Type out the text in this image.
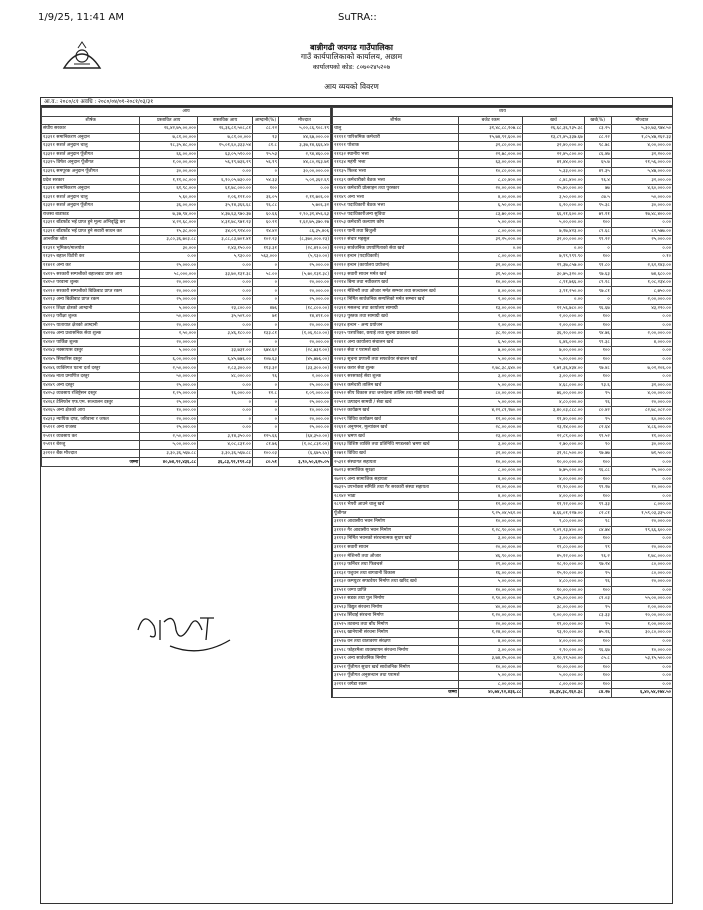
1/9/25, 11:41 AM	SuTRA::
बान्नीगढी जयगढ गाउँपालिका
गाउँ कार्यपालिकाको कार्यालय, अछाम
कार्यालयको कोड: ८०७०२४५२०७
आय व्ययको विवरण
आ.व.: २०८०/८१ अवधि : २०८०/०४/०१-२०८१/०३/३१
आय				
शीर्षक	प्रस्तावित आय	वास्तविक आय	आम्दानी(%)	मौज्दात
संघीय सरकार	२६,४२,७५,००,०००	२६,३६,८१,५०८,८१	८८.२२	५,००,८६,९०८.१९
१३३११ समानिकरण अनुदान	७,८१,००,०००	७,८१,००,०००	१३	४४,६७,०००.००
१३३११ सशर्त अनुदान चालु	१८,३५,४८,०००	१५,०१,६०,३३३.५४	८१.८	३,३७,१४,६६६.४०
१३३१२ सशर्त अनुदान पूँजीगत	६६,००,०००	६३,०५,५१०.००	९५.५३	२,९४,४६०.००
१३३१५ विषेश अनुदान पूँजीगत	१,००,००,०००	५६,१९,७३६.२९	५६.१९	४४,८०,२६३.७१
१३३१६ समपूरक अनुदान पूँजीगत	३०,००,०००	०.००	०	३०,००,०००.००
प्रदेश सरकार	१,११,०८,०००	६,१०,०५,७३०.००	५४.३३	५,०२,३६२.६९
१३३११ समानिकरण अनुदान	६१,९८,०००	६१,७८,०००.००	१००	०.००
१३३११ सशर्त अनुदान चालु	५,६०,०००	२,०६,१२१.००	३६.०५	२,११,७०६.००
१३३१२ सशर्त अनुदान पूँजीगत	३६,००,०००	३५,१४,३६६.६८	९६.८८	५,७०६.३२
राजस्व बाडफाड	७,३७,९४,०००	४,३७,६३,९७०.३७	६०.६६	२,९०,३१,४५६.६३
१३३११ बाँडफाँड भई प्राप्त हुने मूल्य अभिवृद्धि कर	४,२२,६८,०००	४,३१,७८,९७१.२३	६०.२१	१,६२,७५,३७०.२७
१३३११ बाँडफाँड भई प्राप्त हुने सवारी साधन कर	१५,३८,०००	३४,०९,९२४.००	१४.४२	८६,३५,४०६
आन्तरिक श्रोत	३,८०,३६,७०३.८८	३,८८,८३,७०१.४१	१०२.२३	(८,३७०,०००.२३)
११३११ भूमिकर/मालपोत	३०,०००	२,४३,१५०.००	११३.३१	(२८,४१०.००)
११३१५ बहाल विटौरी कर	०.००	५,९३०.००	५६३,०००	(५,९३०.००)
११४२१ अन्य कर	२५,०००.००	०.००	०	२५,०००.००
१४११५ सरकारी सम्पत्तीको बहालबाट प्राप्त आय	५८,०००,०००	३३,७०,१३१.३८	५८.००	(५,७०,१३१.३८)
१४१५२ परवाना शुल्क	२०,०००.००	०.००	०	२०,०००.००
१४२१२ सरकारी सम्पत्तीको बिक्रिबाट प्राप्त रकम	२०,०००.००	०.००	०	२०,०००.००
१४२१३ अन्य बिक्रीबाट प्राप्त रकम	२५,०००.००	०.००	०	२५,०००.००
१४२२१ शिक्षा क्षेत्रको आम्दानी	५,०००.००	२३,८००.००	४७६	(१८,८००.००)
१४२२३ परीक्षा शुल्क	५०,०००.००	३५,५०९.००	७१	१४,४९१.००
१४२२५ यातायात क्षेत्रको आम्दानी	२०,०००.००	०.००	०	२०,०००.००
१४२२७ अन्य प्रशासनिक सेवा शुल्क	२,५०,०००	३,४६,१८०.००	१३३.८१	(१,०६,१८०.००)
१४२४२ पार्किङ शुल्क	२०,०००.००	०	०	२०,०००.००
१४२४३ नक्सापास दस्तुर	५,०००.००	३३,७३१.००	६७४.६२	(२८,७३१.००)
१४२४५ सिफारिस दस्तुर	६,००,०००.००	६,४५,७७६.००	१०७.६३	(४५,७७६.००)
१४२४६ व्यक्तिगत घटना दर्ता दस्तुर	२,५०,०००.००	२,८३,३००.००	११३.३२	(३३,३००.००)
१४२४७ नाता प्रमाणित दस्तुर	५०,०००.००	४८,०००.००	९६	२,०००.००
१४२४९ अन्य दस्तुर	२५,०००.००	०.००	०	२५,०००.००
१४२५३ व्यवसाय रजिष्ट्रेसन दस्तुर	१,२५,०००.००	१६,०००.००	१२.८	१,०९,०००.००
१४२६१ टेलिफोन एफ.एम. सञ्चालन दस्तुर	२५,०००.००	०	०	२५,०००.००
१४२६५ अन्य क्षेत्रको आय	१०,०००.००	०.००	०	१०,०००.००
१४३१३ न्यायिक दण्ड, जरिवाना र जफत	२०,०००.००	०	०	२०,०००.००
१५१२१ अन्य राजस्व	२५,०००.००	०.००	०	२५,०००.००
१५१११ व्यवसाय कर	२,५०,०००.००	३,१४,३५०.००	१२५.६६	(६४,३५०.००)
१५१११ बेरुजु	५,००,०००.००	४,०८,८३१.००	८१.७६	(१,०८,८३१.००)
३२१२२ बैंक मौज्दात	३,३०,३६,५६७.८८	३,३०,३६,५६७.८८	१००.०३	(६,६७५.६५)
जम्मा	४०,७४,९२,४३६.८८	३६,८३,९२,१९२.८३	८०.५१	३,९०,५०,६२५.०५
व्यय				
शीर्षक	बजेट रकम	खर्च	खर्च(%)	मौज्दात
चालु	३१,४८,८८,१०७.८८	२६,६८,३६,९३५.३८	८३.२५	५,३०,७३,९७४.५०
२११११ पारिश्रमिक कर्मचारी	१५,७४,९२,६००.००	१३,८९,४५,३३७.६७	८८.२२	१,८५,४७,२६२.३३
२११२१ पोशाक	३२,८०,०००.००	३२,४०,०००.००	९८.७८	४,००,०००.००
२११३२ स्थानीय भत्ता	२२,७८,०००.००	२२,४५,८००.००	८६.४७	३२,२००.००
२११३४ महंगी भत्ता	६३,००,०००.००	४१,४४,०००.००	६५.७	२१,५६,०००.००
२११३५ फिल्ड भत्ता	१०,८०,०००.००	५,३३,०००.००	४९.३५	५,४७,०००.००
२११३९ कर्मचारीको बैठक भत्ता	८,८०,४००.००	८,४८,४००.००	९६.४	३२,०००.००
२११४१ कर्मचारी प्रोत्साहन तथा पुरस्कार	२०,००,०००.००	१५,४०,०००.००	७७	४,६०,०००.००
२११४९ अन्य भत्ता	४,००,०००.००	३,५०,०००.००	८७.५	५०,०००.००
२११५१ पदाधिकारी बैठक भत्ता	६,५०,०००.००	६,२०,०००.००	९५.३८	३०,०००.००
२११५२ पदाधिकारीअन्य सुविधा	८३,७०,०००.००	६६,२१,६००.००	७९.११	१७,४८,४००.००
२११५३ कर्मचारी कल्याण कोष	५,००,०००.००	५,००,०००.००	१००	०.००
२२१११ पानी तथा बिजुली	८,००,०००.००	७,१७,४२३.००	८९.६८	८२,५७७.००
२२११२ संचार महसुल	३२,२५,०००.००	३२,००,०००.००	९९.२२	२५,०००.००
२२२१३ सार्वजनिक उपयोगिताको सेवा खर्च	०.००	०.००	०	०.००
२२२११ इन्धन (पदाधिकारी)	८,००,०००.००	७,९९,९९९.९०	१००	०.१०
२२२१२ इन्धन (कार्यालय प्रयोजन)	३२,००,०००.००	२९,३७,८५७.००	९१.८०	२,६२,१४३.००
२२२१३ सवारी साधन मर्मत खर्च	३१,५०,०००.००	३०,७५,३२०.००	९७.६३	७४,६८०.००
२२२१४ बिमा तथा नवीकरण खर्च	१०,००,०००.००	८,९१,७६६.००	८९.१८	१,०८,२३४.००
२२२२१ मेशिनरी तथा औजार मर्मत सम्भार तथा सञ्चालन खर्च	४,००,०००.००	३,९१,२५०.००	९७.८१	८,७५०.००
२२२३१ निर्मित सार्वजनिक सम्पत्तिको मर्मत सम्भार खर्च	२,००,०००.००	०.००	०	२,००,०००.००
२२३११ मसलन्द तथा कार्यालय सामाग्री	१३,००,०००.००	१२,५६,७८०.००	९६.६७	४३,२२०.००
२२३१३ पुस्तक तथा सामाग्री खर्च	२,००,०००.००	२,००,०००.००	१००	०.००
२२३१४ इन्धन - अन्य प्रयोजन	२,००,०००.००	२,००,०००.००	१००	०.००
२२३१५ पत्रपत्रिका, छपाई तथा सूचना प्रकाशन खर्च	३८,२०,०००.००	३६,२०,०००.००	९४.७६	२,००,०००.००
२२४११ अन्य कार्यालय संचालन खर्च	६,५०,०००.००	६,४६,०००.००	९९.३८	४,०००.००
२२४१२ सेवा र परामर्श खर्च	७,००,०००.००	७,००,०००.००	१००	०.००
२२४१३ सूचना प्रणाली तथा सफ्टवेयर संचालन खर्च	५,००,०००.००	५,००,०००.००	१००	०.००
२२४१४ करार सेवा शुल्क	२,७८,३८,६४०.००	२,७१,३६,४३४.००	९७.४८	७,०२,२०६.००
२२४१९ सरसफाई सेवा शुल्क	३,००,०००.००	३,००,०००.००	१००	०.००
२२५११ कर्मचारी तालिम खर्च	५,००,०००.००	४,६८,०००.००	९३.६	३२,०००.००
२२५१२ सीप विकास तथा जनचेतना तालिम तथा गोष्ठी सम्बन्धी खर्च	८०,००,०००.००	७६,००,०००.००	९५	४,००,०००.००
२२५२१ उत्पादन सामग्री / सेवा खर्च	५,००,०००.००	४,८०,०००.००	९६	२०,०००.००
२२५२२ कार्यक्रम खर्च	४,२२,८१,९७०.००	३,४०,०३,८८८.००	८०.४२	८२,७८,०८२.००
२२५२९ विविध कार्यक्रम खर्च	१२,००,०००.००	११,४०,०००.००	९५	६०,०००.००
२२६११ अनुगमन, मूल्यांकन खर्च	२८,००,०००.००	२३,१४,०००.००	८२.६४	४,८६,०००.००
२२६१२ भ्रमण खर्च	२३,००,०००.००	२२,८९,०००.००	९९.५२	११,०००.००
२२६१३ विशिष्ट व्यक्ति तथा प्रतिनिधि मण्डलको भ्रमण खर्च	३,००,०००.००	२,७०,०००.००	९०	३०,०००.००
२२७११ विविध खर्च	३२,००,०००.००	३१,२८,५००.००	९७.७७	७१,५००.००
२५३११ संस्थागत सहायता	१०,००,०००.००	१०,००,०००.००	१००	०.००
२७२१३ सामाजिक सुरक्षा	८,००,०००.००	७,७५,०००.००	९६.८८	२५,०००.००
२७२१९ अन्य सामाजिक सहायता	४,००,०००.००	४,००,०००.००	१००	०.००
२७३१५ उपभोक्ता समिति तथा गैर सरकारी संस्था सहायता	१२,००,०००.००	११,९०,०००.००	९९.१७	१०,०००.००
२८१४२ भाडा	४,००,०००.००	४,००,०००.००	१००	०.००
२८९११ भैपरी आउने चालु खर्च	१२,००,०००.००	११,९२,०००.००	९९.३३	८,०००.००
पूँजीगत	९,२५,०४,५६२.००	७,६६,०१,२२७.००	८२.८१	१,५९,०३,३३५.००
३११११ आवासीय भवन निर्माण	१०,००,०००.००	९,८०,०००.००	९८	२०,०००.००
३१११२ गैर आवासीय भवन निर्माण	१,२८,९०,०००.००	१,०९,२३,४००.००	८४.७४	१९,६६,६००.००
३१११३ निर्मित भवनको संरचनात्मक सुधार खर्च	३,००,०००.००	३,००,०००.००	१००	०.००
३११२१ सवारी साधन	२०,००,०००.००	१९,८०,०००.००	९९	२०,०००.००
३११२२ मेशिनरी तथा औजार	४६,९०,०००.००	४५,१२,०००.००	९६.२	१,७८,०००.००
३११२३ फर्निचर तथा फिक्चर्स	२९,००,०००.००	२८,२०,०००.००	९७.२४	८०,०००.००
३११३१ पशुधन तथा बागवानी विकास	१६,००,०००.००	१५,२०,०००.००	९५	८०,०००.००
३११३२ कम्प्युटर सफ्टवेयर निर्माण तथा खरिद खर्च	५,००,०००.००	४,८०,०००.००	९६	२०,०००.००
३१५११ जग्गा प्राप्ति	१०,००,०००.००	१०,००,०००.००	१००	०.००
३१५१२ सडक तथा पुल निर्माण	२,९०,००,०००.००	२,३५,००,०००.००	८१.०३	५५,००,०००.००
३१५१३ विद्युत संरचना निर्माण	४०,००,०००.००	३८,००,०००.००	९५	२,००,०००.००
३१५१४ सिँचाई संरचना निर्माण	१,२०,००,०००.००	१,००,००,०००.००	८३.३३	२०,००,०००.००
३१५१५ तटबन्ध तथा बाँध निर्माण	२०,००,०००.००	१९,००,०००.००	९५	१,००,०००.००
३१५१६ खानेपानी संरचना निर्माण	१,२४,००,०००.००	९३,२०,०००.००	७५.१६	३०,८०,०००.००
३१५१७ वन तथा वातावरण संरक्षण	४,००,०००.००	४,००,०००.००	१००	०.००
३१५१८ फोहरमैला व्यवस्थापन संरचना निर्माण	३,००,०००.००	२,९०,०००.००	९६.६७	१०,०००.००
३१५१९ अन्य सार्वजनिक निर्माण	३,७४,१५,०००.००	३,२०,९९,५००.००	८५.८	५३,१५,५००.००
३१५२१ पूँजीगत सुधार खर्च सार्वजनिक निर्माण	१०,००,०००.००	१०,००,०००.००	१००	०.००
३१५२२ पूँजीगत अनुसन्धान तथा परामर्श	५,००,०००.००	५,००,०००.००	१००	०.००
३२१११ जगेडा रकम	८,००,०००.००	८,००,०००.००	१००	०.००
जम्मा	४०,७४,९२,४३६.८८	३४,३४,३८,१६२.३८	८४.२७	६,४०,५४,२७४.५०
